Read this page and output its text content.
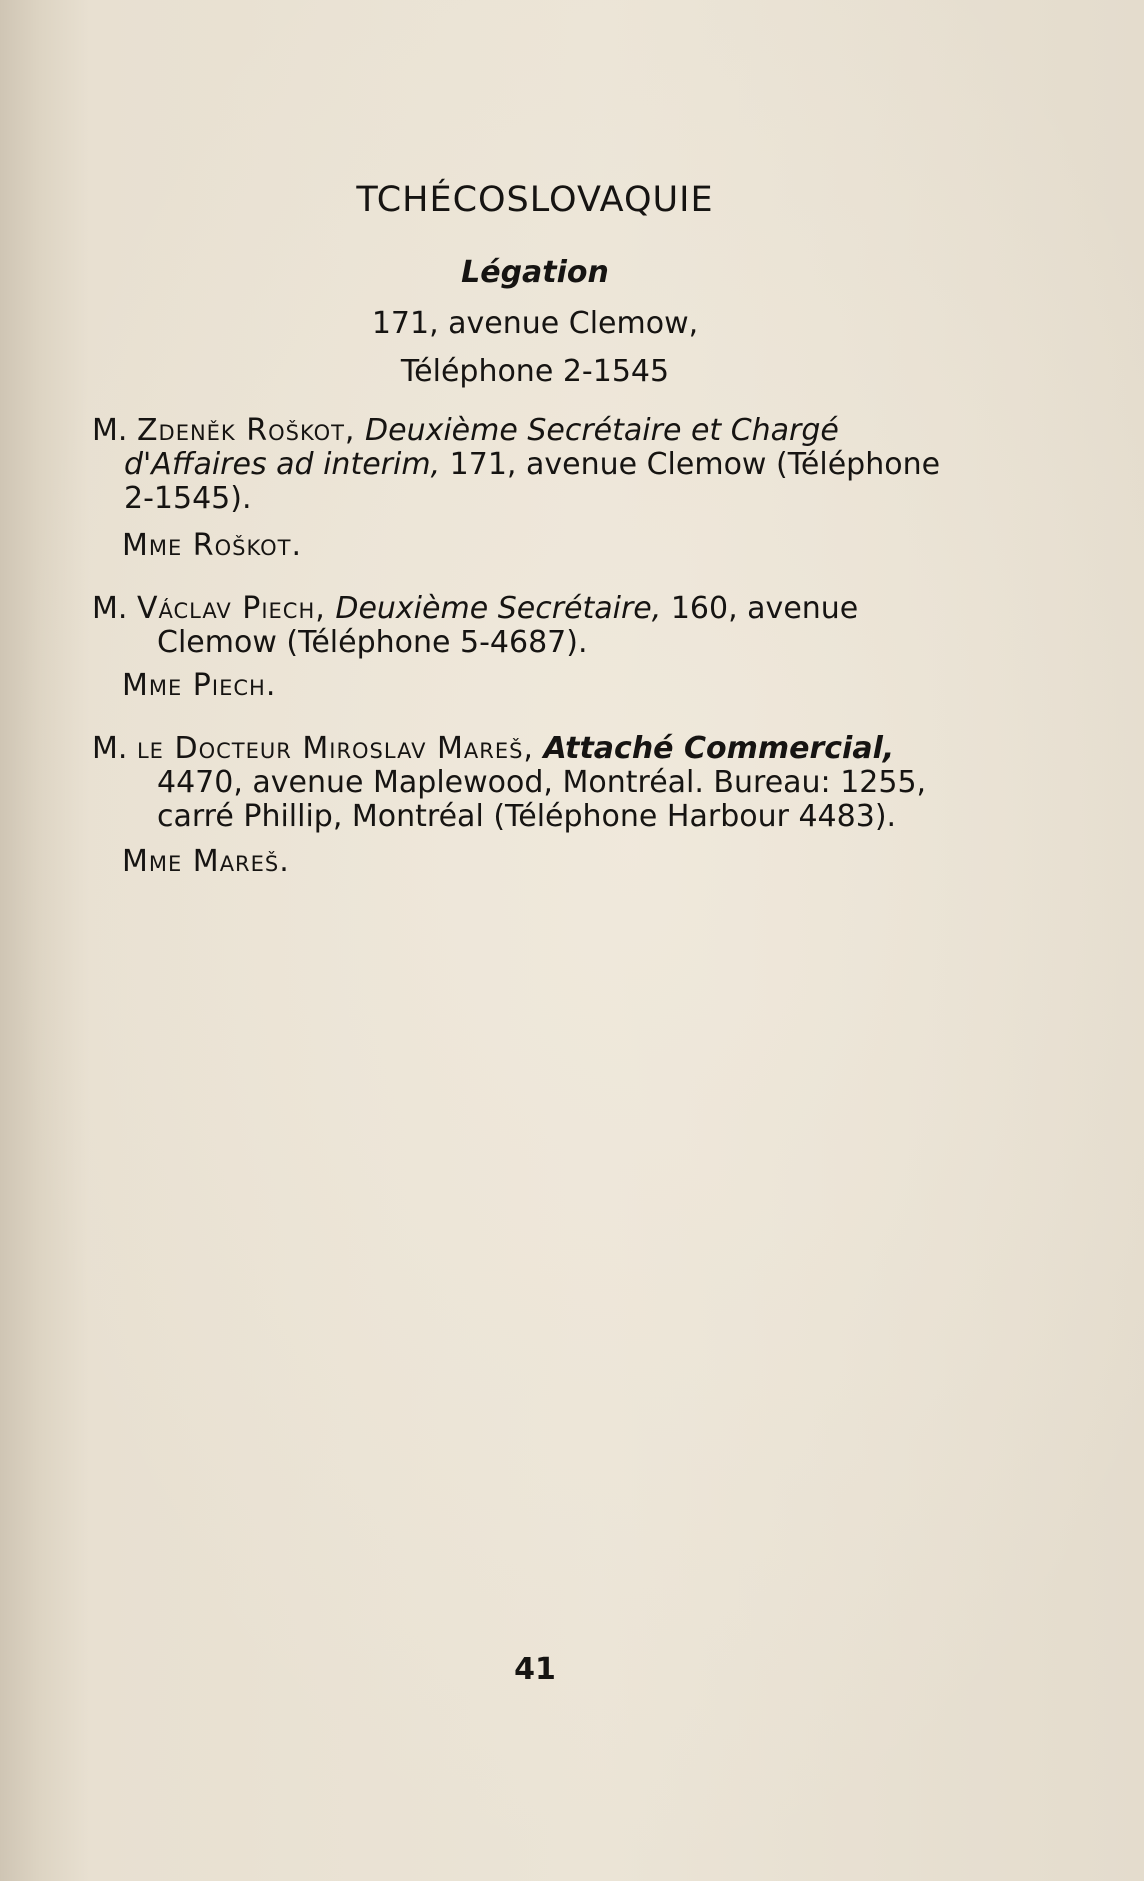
TCHÉCOSLOVAQUIE
Légation
171, avenue Clemow,
Téléphone 2-1545
M. Zdeněk Roškot, Deuxième Secrétaire et Chargé
d'Affaires ad interim, 171, avenue Clemow (Téléphone
2-1545).
Mme Roškot.
M. Václav Piech, Deuxième Secrétaire, 160, avenue
Clemow (Téléphone 5-4687).
Mme Piech.
M. le Docteur Miroslav Mareš, Attaché Commercial,
4470, avenue Maplewood, Montréal. Bureau: 1255,
carré Phillip, Montréal (Téléphone Harbour 4483).
Mme Mareš.
41
